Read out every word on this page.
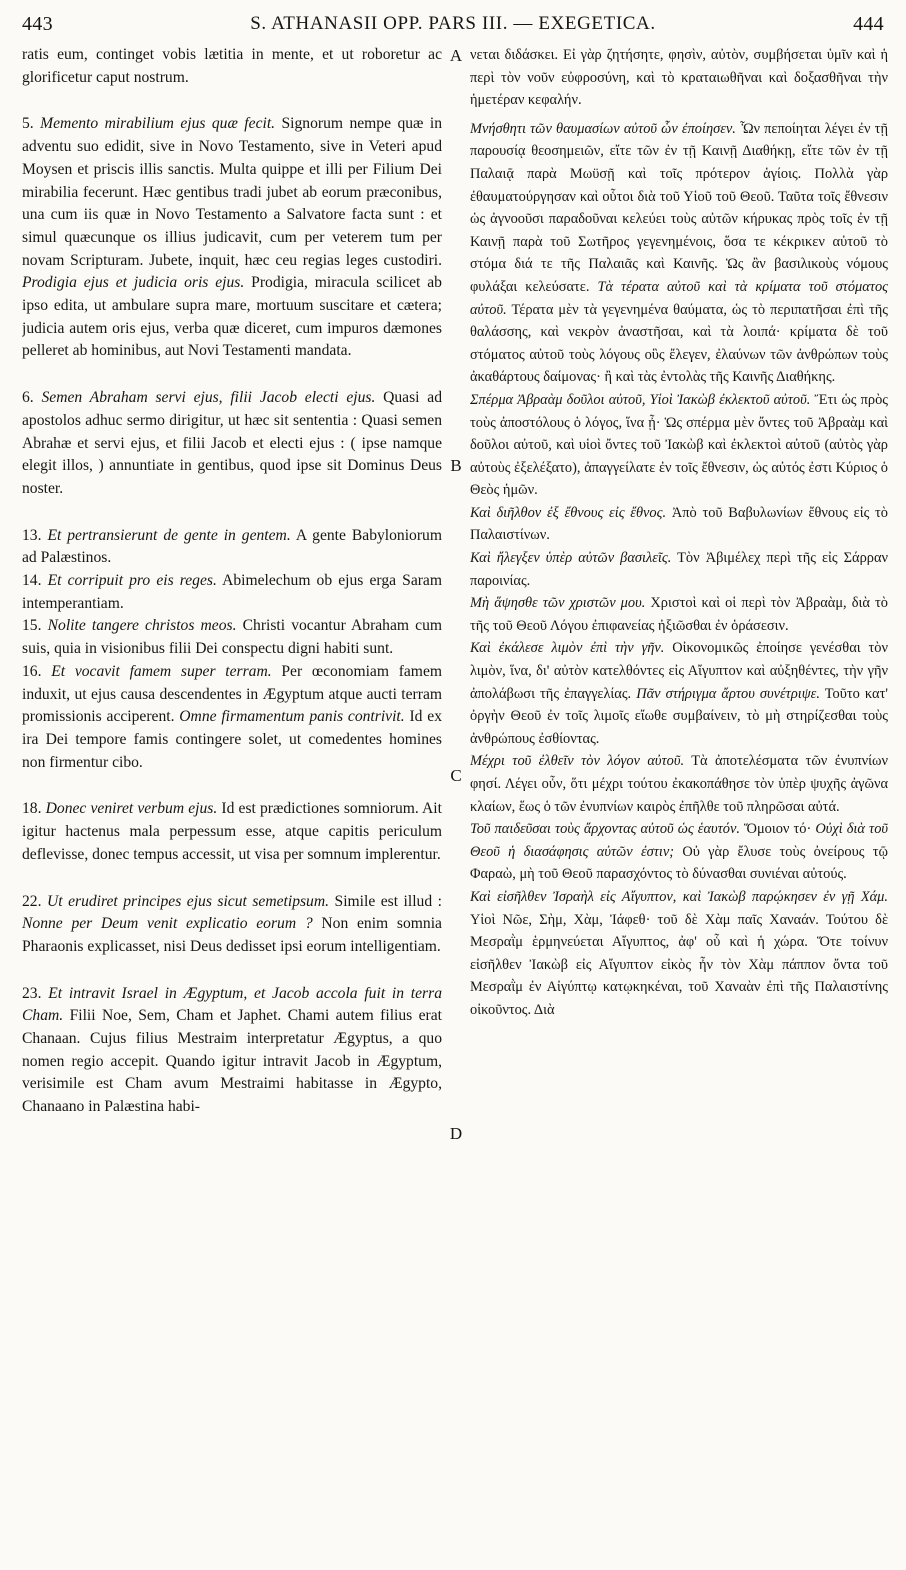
443	S. ATHANASII OPP. PARS III. — EXEGETICA.	444
A
B
C
D

ratis eum, continget vobis lætitia in mente, et ut roboretur ac glorificetur caput nostrum.

5. Memento mirabilium ejus quæ fecit. Signorum nempe quæ in adventu suo edidit, sive in Novo Testamento, sive in Veteri apud Moysen et priscis illis sanctis. Multa quippe et illi per Filium Dei mirabilia fecerunt. Hæc gentibus tradi jubet ab eorum præconibus, una cum iis quæ in Novo Testamento a Salvatore facta sunt : et simul quæcunque os illius judicavit, cum per veterem tum per novam Scripturam. Jubete, inquit, hæc ceu regias leges custodiri. Prodigia ejus et judicia oris ejus. Prodigia, miracula scilicet ab ipso edita, ut ambulare supra mare, mortuum suscitare et cætera; judicia autem oris ejus, verba quæ diceret, cum impuros dæmones pelleret ab hominibus, aut Novi Testamenti mandata.

6. Semen Abraham servi ejus, filii Jacob electi ejus. Quasi ad apostolos adhuc sermo dirigitur, ut hæc sit sententia : Quasi semen Abrahæ et servi ejus, et filii Jacob et electi ejus : ( ipse namque elegit illos, ) annuntiate in gentibus, quod ipse sit Dominus Deus noster.

13. Et pertransierunt de gente in gentem. A gente Babyloniorum ad Palæstinos.

14. Et corripuit pro eis reges. Abimelechum ob ejus erga Saram intemperantiam.

15. Nolite tangere christos meos. Christi vocantur Abraham cum suis, quia in visionibus filii Dei conspectu digni habiti sunt.

16. Et vocavit famem super terram. Per œconomiam famem induxit, ut ejus causa descendentes in Ægyptum atque aucti terram promissionis acciperent. Omne firmamentum panis contrivit. Id ex ira Dei tempore famis contingere solet, ut comedentes homines non firmentur cibo.

18. Donec veniret verbum ejus. Id est prædictiones somniorum. Ait igitur hactenus mala perpessum esse, atque capitis periculum deflevisse, donec tempus accessit, ut visa per somnum implerentur.

22. Ut erudiret principes ejus sicut semetipsum. Simile est illud : Nonne per Deum venit explicatio eorum ? Non enim somnia Pharaonis explicasset, nisi Deus dedisset ipsi eorum intelligentiam.

23. Et intravit Israel in Ægyptum, et Jacob accola fuit in terra Cham. Filii Noe, Sem, Cham et Japhet. Chami autem filius erat Chanaan. Cujus filius Mestraim interpretatur Ægyptus, a quo nomen regio accepit. Quando igitur intravit Jacob in Ægyptum, verisimile est Cham avum Mestraimi habitasse in Ægypto, Chanaano in Palæstina habi-

νεται διδάσκει. Εἰ γὰρ ζητήσητε, φησὶν, αὐτὸν, συμβήσεται ὑμῖν καὶ ἡ περὶ τὸν νοῦν εὐφροσύνη, καὶ τὸ κραταιωθῆναι καὶ δοξασθῆναι τὴν ἡμετέραν κεφαλήν.

Μνήσθητι τῶν θαυμασίων αὐτοῦ ὧν ἐποίησεν. Ὧν πεποίηται λέγει ἐν τῇ παρουσίᾳ θεοσημειῶν, εἴτε τῶν ἐν τῇ Καινῇ Διαθήκῃ, εἴτε τῶν ἐν τῇ Παλαιᾷ παρὰ Μωϋσῇ καὶ τοῖς πρότερον ἁγίοις. Πολλὰ γὰρ ἐθαυματούργησαν καὶ οὗτοι διὰ τοῦ Υἱοῦ τοῦ Θεοῦ. Ταῦτα τοῖς ἔθνεσιν ὡς ἀγνοοῦσι παραδοῦναι κελεύει τοὺς αὐτῶν κήρυκας πρὸς τοῖς ἐν τῇ Καινῇ παρὰ τοῦ Σωτῆρος γεγενημένοις, ὅσα τε κέκρικεν αὐτοῦ τὸ στόμα διά τε τῆς Παλαιᾶς καὶ Καινῆς. Ὡς ἂν βασιλικοὺς νόμους φυλάξαι κελεύσατε. Τὰ τέρατα αὐτοῦ καὶ τὰ κρίματα τοῦ στόματος αὐτοῦ. Τέρατα μὲν τὰ γεγενημένα θαύματα, ὡς τὸ περιπατῆσαι ἐπὶ τῆς θαλάσσης, καὶ νεκρὸν ἀναστῆσαι, καὶ τὰ λοιπά· κρίματα δὲ τοῦ στόματος αὐτοῦ τοὺς λόγους οὓς ἔλεγεν, ἐλαύνων τῶν ἀνθρώπων τοὺς ἀκαθάρτους δαίμονας· ἢ καὶ τὰς ἐντολὰς τῆς Καινῆς Διαθήκης.

Σπέρμα Ἀβραὰμ δοῦλοι αὐτοῦ, Υἱοὶ Ἰακὼβ ἐκλεκτοῦ αὐτοῦ. Ἔτι ὡς πρὸς τοὺς ἀποστόλους ὁ λόγος, ἵνα ᾖ· Ὡς σπέρμα μὲν ὄντες τοῦ Ἀβραὰμ καὶ δοῦλοι αὐτοῦ, καὶ υἱοὶ ὄντες τοῦ Ἰακὼβ καὶ ἐκλεκτοὶ αὐτοῦ (αὐτὸς γὰρ αὐτοὺς ἐξελέξατο), ἀπαγγείλατε ἐν τοῖς ἔθνεσιν, ὡς αὐτός ἐστι Κύριος ὁ Θεὸς ἡμῶν.

Καὶ διῆλθον ἐξ ἔθνους εἰς ἔθνος. Ἀπὸ τοῦ Βαβυλωνίων ἔθνους εἰς τὸ Παλαιστίνων.

Καὶ ἤλεγξεν ὑπὲρ αὐτῶν βασιλεῖς. Τὸν Ἀβιμέλεχ περὶ τῆς εἰς Σάρραν παροινίας.

Μὴ ἅψησθε τῶν χριστῶν μου. Χριστοὶ καὶ οἱ περὶ τὸν Ἀβραὰμ, διὰ τὸ τῆς τοῦ Θεοῦ Λόγου ἐπιφανείας ἠξιῶσθαι ἐν ὁράσεσιν.

Καὶ ἐκάλεσε λιμὸν ἐπὶ τὴν γῆν. Οἰκονομικῶς ἐποίησε γενέσθαι τὸν λιμὸν, ἵνα, δι' αὐτὸν κατελθόντες εἰς Αἴγυπτον καὶ αὐξηθέντες, τὴν γῆν ἀπολάβωσι τῆς ἐπαγγελίας. Πᾶν στήριγμα ἄρτου συνέτριψε. Τοῦτο κατ' ὀργὴν Θεοῦ ἐν τοῖς λιμοῖς εἴωθε συμβαίνειν, τὸ μὴ στηρίζεσθαι τοὺς ἀνθρώπους ἐσθίοντας.

Μέχρι τοῦ ἐλθεῖν τὸν λόγον αὐτοῦ. Τὰ ἀποτελέσματα τῶν ἐνυπνίων φησί. Λέγει οὖν, ὅτι μέχρι τούτου ἐκακοπάθησε τὸν ὑπὲρ ψυχῆς ἀγῶνα κλαίων, ἕως ὁ τῶν ἐνυπνίων καιρὸς ἐπῆλθε τοῦ πληρῶσαι αὐτά.

Τοῦ παιδεῦσαι τοὺς ἄρχοντας αὐτοῦ ὡς ἑαυτόν. Ὅμοιον τό· Οὐχὶ διὰ τοῦ Θεοῦ ἡ διασάφησις αὐτῶν ἐστιν; Οὐ γὰρ ἔλυσε τοὺς ὀνείρους τῷ Φαραὼ, μὴ τοῦ Θεοῦ παρασχόντος τὸ δύνασθαι συνιέναι αὐτούς.

Καὶ εἰσῆλθεν Ἰσραὴλ εἰς Αἴγυπτον, καὶ Ἰακὼβ παρῴκησεν ἐν γῇ Χάμ. Υἱοὶ Νῶε, Σὴμ, Χὰμ, Ἰάφεθ· τοῦ δὲ Χὰμ παῖς Χαναάν. Τούτου δὲ Μεσραῒμ ἑρμηνεύεται Αἴγυπτος, ἀφ' οὗ καὶ ἡ χώρα. Ὅτε τοίνυν εἰσῆλθεν Ἰακὼβ εἰς Αἴγυπτον εἰκὸς ἦν τὸν Χὰμ πάππον ὄντα τοῦ Μεσραῒμ ἐν Αἰγύπτῳ κατῳκηκέναι, τοῦ Χαναὰν ἐπὶ τῆς Παλαιστίνης οἰκοῦντος. Διὰ
